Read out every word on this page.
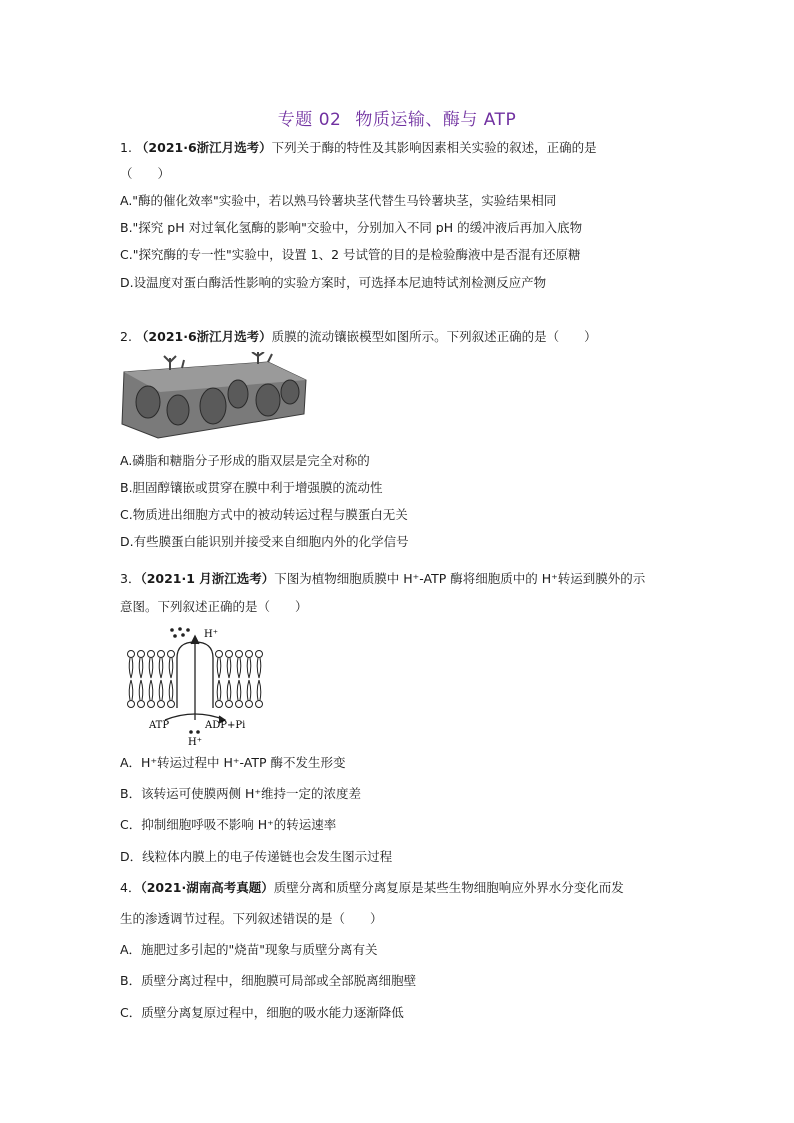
专题 02 物质运输、酶与 ATP
1. （2021·6浙江月选考）下列关于酶的特性及其影响因素相关实验的叙述，正确的是
（　　）
A."酶的催化效率"实验中，若以熟马铃薯块茎代替生马铃薯块茎，实验结果相同
B."探究 pH 对过氧化氢酶的影响"交验中，分别加入不同 pH 的缓冲液后再加入底物
C."探究酶的专一性"实验中，设置 1、2 号试管的目的是检验酶液中是否混有还原糖
D.设温度对蛋白酶活性影响的实验方案时，可选择本尼迪特试剂检测反应产物
2. （2021·6浙江月选考）质膜的流动镶嵌模型如图所示。下列叙述正确的是（　　）
A.磷脂和糖脂分子形成的脂双层是完全对称的
B.胆固醇镶嵌或贯穿在膜中利于增强膜的流动性
C.物质进出细胞方式中的被动转运过程与膜蛋白无关
D.有些膜蛋白能识别并接受来自细胞内外的化学信号
3．（2021·1 月浙江选考）下图为植物细胞质膜中 H⁺-ATP 酶将细胞质中的 H⁺转运到膜外的示
意图。下列叙述正确的是（　　）
H⁺
ATP	ADP+Pi
H⁺
A．H⁺转运过程中 H⁺-ATP 酶不发生形变
B．该转运可使膜两侧 H⁺维持一定的浓度差
C．抑制细胞呼吸不影响 H⁺的转运速率
D．线粒体内膜上的电子传递链也会发生图示过程
4．（2021·湖南高考真题）质壁分离和质壁分离复原是某些生物细胞响应外界水分变化而发
生的渗透调节过程。下列叙述错误的是（　　）
A．施肥过多引起的"烧苗"现象与质壁分离有关
B．质壁分离过程中，细胞膜可局部或全部脱离细胞壁
C．质壁分离复原过程中，细胞的吸水能力逐渐降低
